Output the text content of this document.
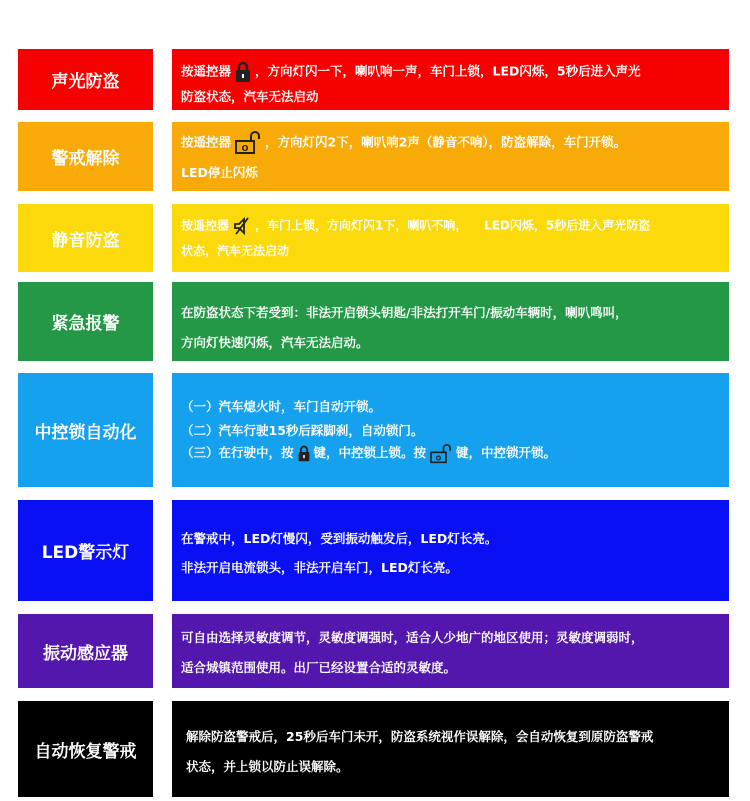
声光防盗
按遥控器 ，方向灯闪一下，喇叭响一声，车门上锁，LED闪烁，5秒后进入声光
防盗状态，汽车无法启动
警戒解除
按遥控器 O ，方向灯闪2下，喇叭响2声（静音不响），防盗解除，车门开锁。
LED停止闪烁
静音防盗
按遥控器 ，车门上锁，方向灯闪1下，喇叭不响，    LED闪烁，5秒后进入声光防盗
状态，汽车无法启动
紧急报警
在防盗状态下若受到：非法开启锁头钥匙/非法打开车门/振动车辆时，喇叭鸣叫，
方向灯快速闪烁，汽车无法启动。
中控锁自动化
（一）汽车熄火时，车门自动开锁。
（二）汽车行驶15秒后踩脚刹，自动锁门。
（三）在行驶中，按 键，中控锁上锁。按 O 键，中控锁开锁。
LED警示灯
在警戒中，LED灯慢闪，受到振动触发后，LED灯长亮。
非法开启电流锁头，非法开启车门，LED灯长亮。
振动感应器
可自由选择灵敏度调节，灵敏度调强时，适合人少地广的地区使用；灵敏度调弱时，
适合城镇范围使用。出厂已经设置合适的灵敏度。
自动恢复警戒
解除防盗警戒后，25秒后车门未开，防盗系统视作误解除，会自动恢复到原防盗警戒
状态，并上锁以防止误解除。
